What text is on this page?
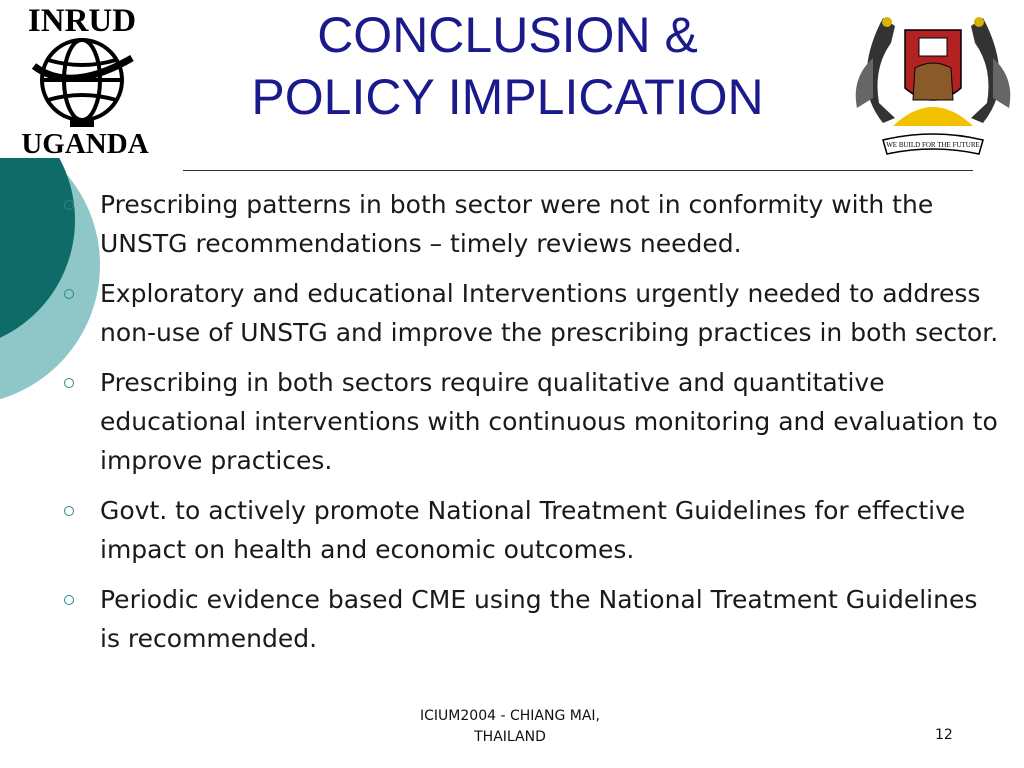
INRUD
UGANDA	WE BUILD FOR THE FUTURE
CONCLUSION &
POLICY IMPLICATION
Prescribing patterns in both sector were not in conformity with the UNSTG recommendations – timely reviews needed.
Exploratory and educational Interventions urgently needed to address non-use of UNSTG and improve the prescribing practices in both sector.
Prescribing in both sectors require qualitative and quantitative educational interventions with continuous monitoring and evaluation to improve practices.
Govt. to actively promote National Treatment Guidelines for effective impact on health and economic outcomes.
Periodic evidence based CME using the National Treatment Guidelines is recommended.
ICIUM2004 - CHIANG MAI,
THAILAND	12
